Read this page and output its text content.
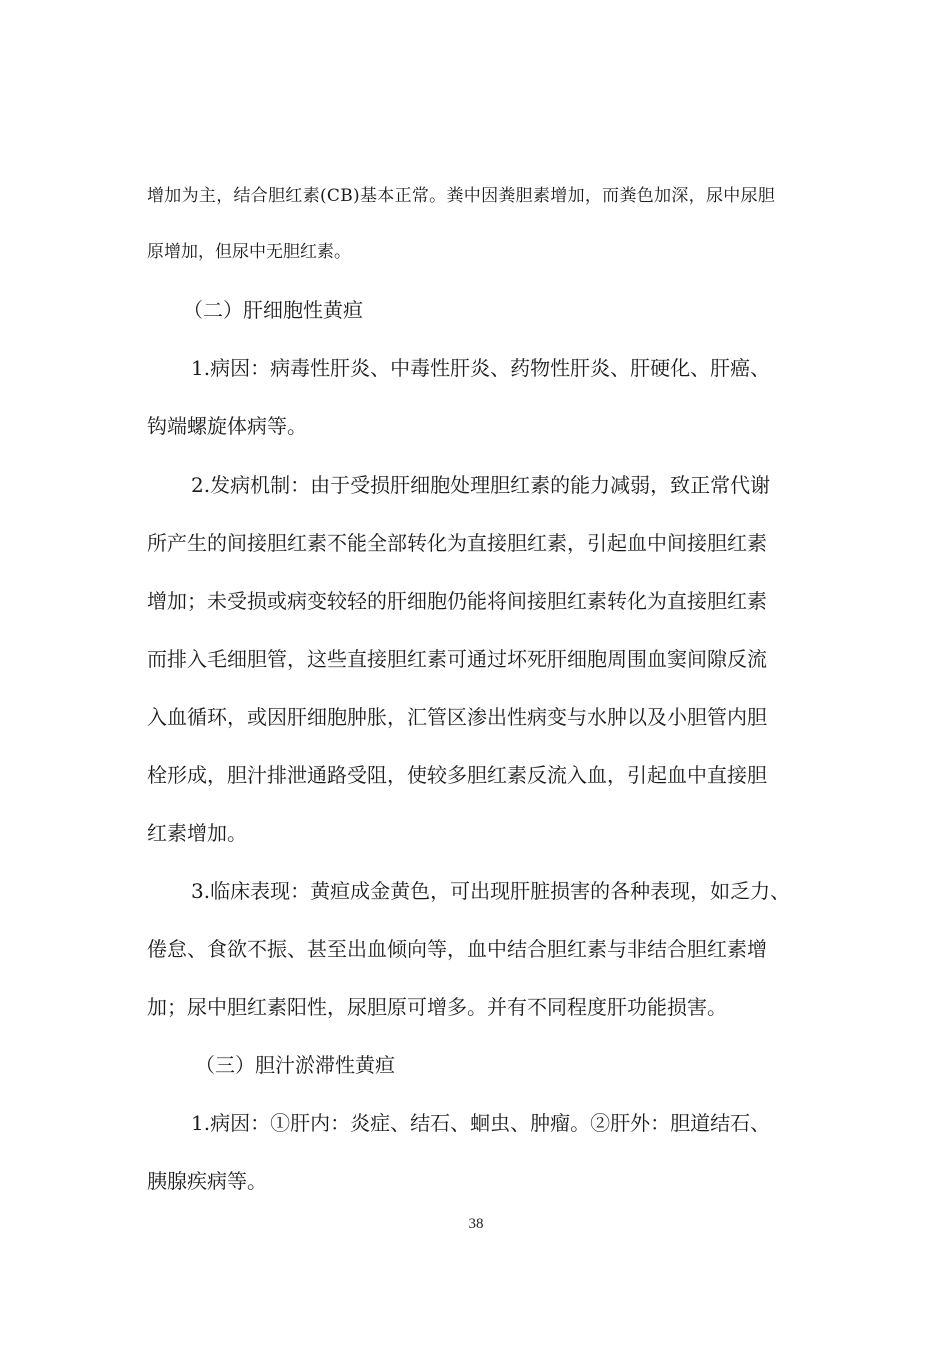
增加为主，结合胆红素(CB)基本正常。粪中因粪胆素增加，而粪色加深，尿中尿胆
原增加，但尿中无胆红素。
（二）肝细胞性黄疸
1.病因：病毒性肝炎、中毒性肝炎、药物性肝炎、肝硬化、肝癌、
钩端螺旋体病等。
2.发病机制：由于受损肝细胞处理胆红素的能力减弱，致正常代谢
所产生的间接胆红素不能全部转化为直接胆红素，引起血中间接胆红素
增加；未受损或病变较轻的肝细胞仍能将间接胆红素转化为直接胆红素
而排入毛细胆管，这些直接胆红素可通过坏死肝细胞周围血窦间隙反流
入血循环，或因肝细胞肿胀，汇管区渗出性病变与水肿以及小胆管内胆
栓形成，胆汁排泄通路受阻，使较多胆红素反流入血，引起血中直接胆
红素增加。
3.临床表现：黄疸成金黄色，可出现肝脏损害的各种表现，如乏力、
倦怠、食欲不振、甚至出血倾向等，血中结合胆红素与非结合胆红素增
加；尿中胆红素阳性，尿胆原可增多。并有不同程度肝功能损害。
（三）胆汁淤滞性黄疸
1.病因：①肝内：炎症、结石、蛔虫、肿瘤。②肝外：胆道结石、
胰腺疾病等。
38
